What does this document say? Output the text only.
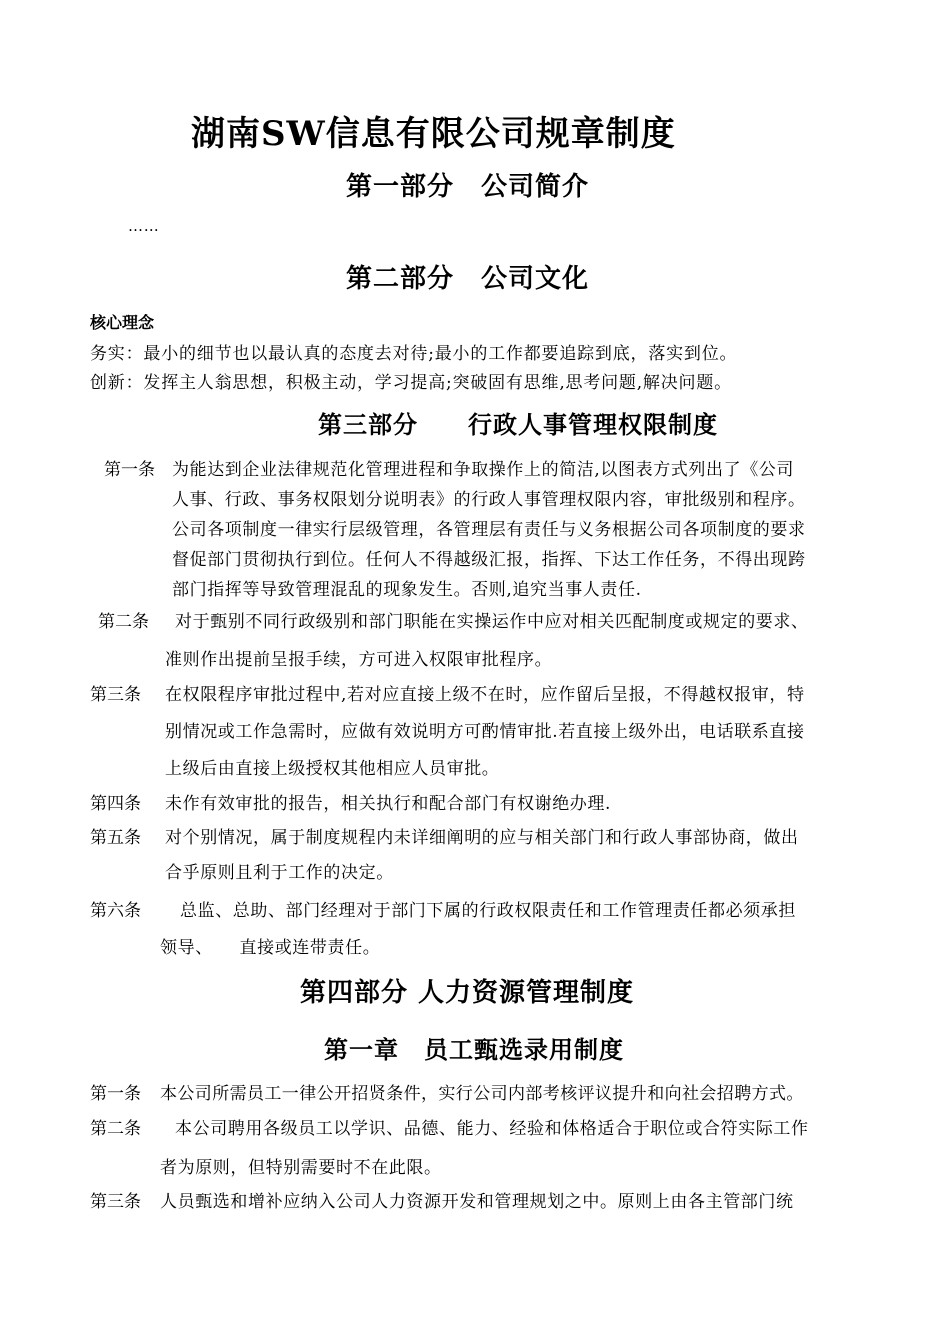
湖南SW信息有限公司规章制度
第一部分　公司简介
……
第二部分　公司文化
核心理念
务实：最小的细节也以最认真的态度去对待;最小的工作都要追踪到底，落实到位。
创新：发挥主人翁思想，积极主动，学习提高;突破固有思维,思考问题,解决问题。
第三部分　　行政人事管理权限制度
第一条 为能达到企业法律规范化管理进程和争取操作上的简洁,以图表方式列出了《公司
人事、行政、事务权限划分说明表》的行政人事管理权限内容，审批级别和程序。
公司各项制度一律实行层级管理，各管理层有责任与义务根据公司各项制度的要求
督促部门贯彻执行到位。任何人不得越级汇报，指挥、下达工作任务，不得出现跨
部门指挥等导致管理混乱的现象发生。否则,追究当事人责任.
第二条 对于甄别不同行政级别和部门职能在实操运作中应对相关匹配制度或规定的要求、
准则作出提前呈报手续，方可进入权限审批程序。
第三条 在权限程序审批过程中,若对应直接上级不在时，应作留后呈报，不得越权报审，特
别情况或工作急需时，应做有效说明方可酌情审批.若直接上级外出，电话联系直接
上级后由直接上级授权其他相应人员审批。
第四条 未作有效审批的报告，相关执行和配合部门有权谢绝办理.
第五条 对个别情况，属于制度规程内未详细阐明的应与相关部门和行政人事部协商，做出
合乎原则且利于工作的决定。
第六条 总监、总助、部门经理对于部门下属的行政权限责任和工作管理责任都必须承担
领导、　　直接或连带责任。
第四部分 人力资源管理制度
第一章　员工甄选录用制度
第一条 本公司所需员工一律公开招贤条件，实行公司内部考核评议提升和向社会招聘方式。
第二条 本公司聘用各级员工以学识、品德、能力、经验和体格适合于职位或合符实际工作
者为原则，但特别需要时不在此限。
第三条 人员甄选和增补应纳入公司人力资源开发和管理规划之中。原则上由各主管部门统
